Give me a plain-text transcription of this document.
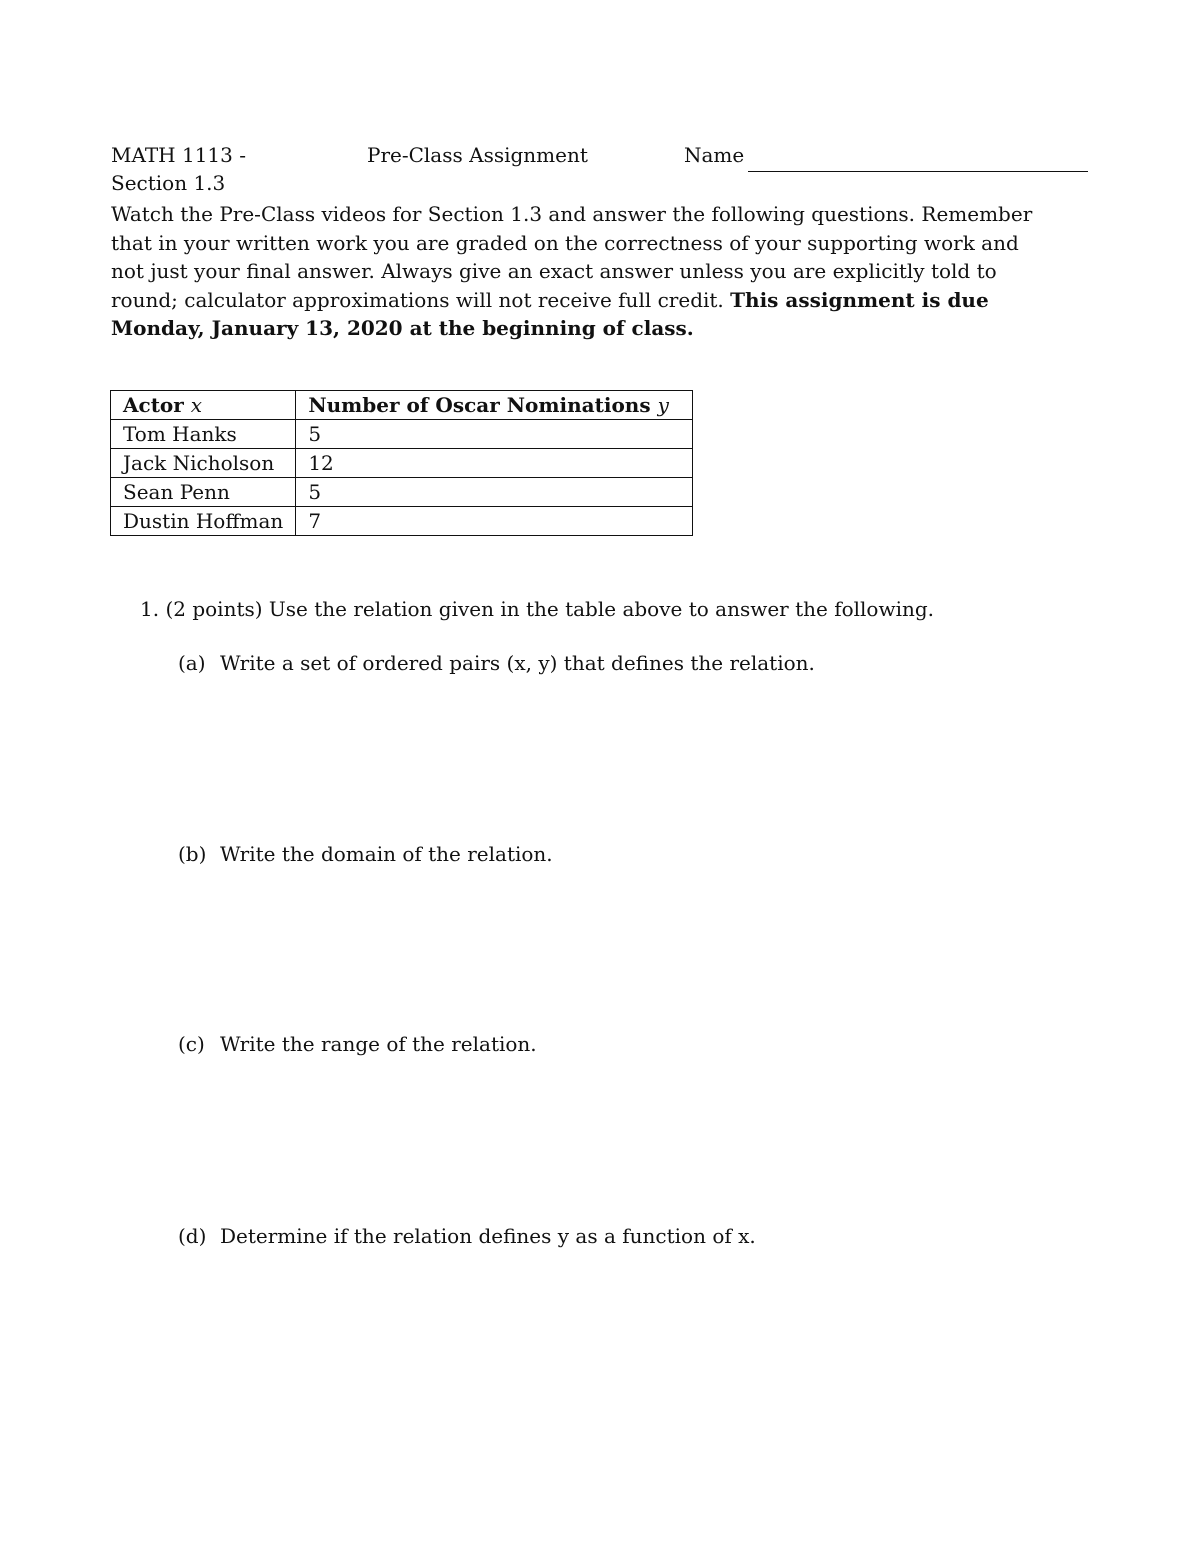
MATH 1113 -	Pre-Class Assignment	Name
Section 1.3
Watch the Pre-Class videos for Section 1.3 and answer the following questions. Remember that in your written work you are graded on the correctness of your supporting work and not just your final answer. Always give an exact answer unless you are explicitly told to round; calculator approximations will not receive full credit. This assignment is due Monday, January 13, 2020 at the beginning of class.
Actor x	Number of Oscar Nominations y
Tom Hanks	5
Jack Nicholson	12
Sean Penn	5
Dustin Hoffman	7
1. (2 points) Use the relation given in the table above to answer the following.
(a) Write a set of ordered pairs (x, y) that defines the relation.
(b) Write the domain of the relation.
(c) Write the range of the relation.
(d) Determine if the relation defines y as a function of x.
